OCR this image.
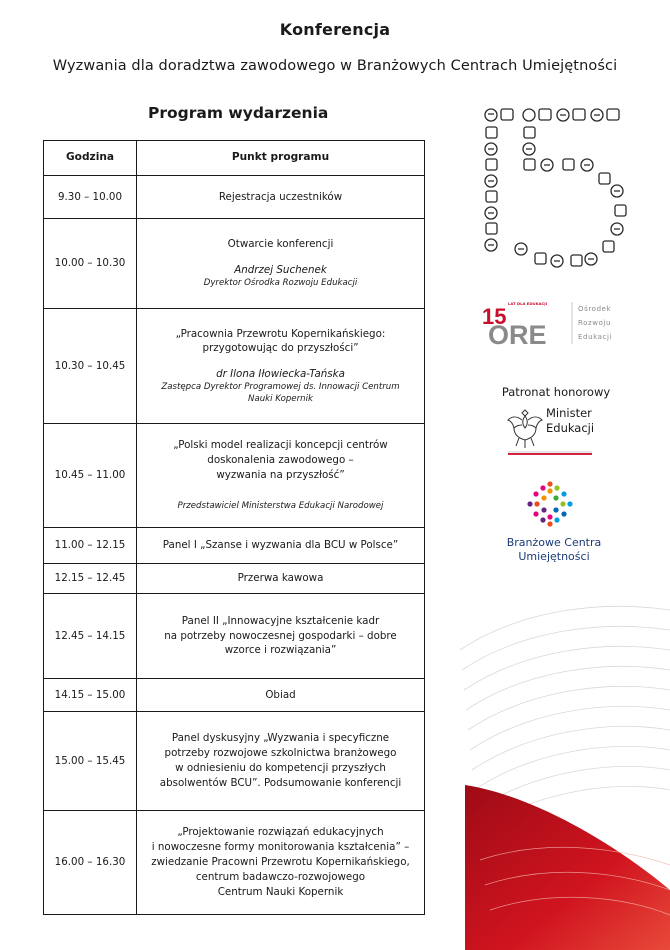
Konferencja
Wyzwania dla doradztwa zawodowego w Branżowych Centrach Umiejętności
Program wydarzenia
Godzina	Punkt programu
9.30 – 10.00	Rejestracja uczestników

10.00 – 10.30	Otwarcie konferencji
Andrzej Suchenek
Dyrektor Ośrodka Rozwoju Edukacji

10.30 – 10.45	„Pracownia Przewrotu Kopernikańskiego:
przygotowując do przyszłości”
dr Ilona Iłowiecka-Tańska
Zastępca Dyrektor Programowej ds. Innowacji Centrum
Nauki Kopernik

10.45 – 11.00	„Polski model realizacji koncepcji centrów
doskonalenia zawodowego –
wyzwania na przyszłość”
Przedstawiciel Ministerstwa Edukacji Narodowej

11.00 – 12.15	Panel I „Szanse i wyzwania dla BCU w Polsce”

12.15 – 12.45	Przerwa kawowa

12.45 – 14.15	Panel II „Innowacyjne kształcenie kadr
na potrzeby nowoczesnej gospodarki – dobre
wzorce i rozwiązania”

14.15 – 15.00	Obiad

15.00 – 15.45	Panel dyskusyjny „Wyzwania i specyficzne
potrzeby rozwojowe szkolnictwa branżowego
w odniesieniu do kompetencji przyszłych
absolwentów BCU”. Podsumowanie konferencji

16.00 – 16.30	„Projektowanie rozwiązań edukacyjnych
i nowoczesne formy monitorowania kształcenia” –
zwiedzanie Pracowni Przewrotu Kopernikańskiego,
centrum badawczo-rozwojowego
Centrum Nauki Kopernik
15
ORE
LAT DLA EDUKACJI
Ośrodek
Rozwoju
Edukacji
Patronat honorowy
Minister
Edukacji
Branżowe Centra
Umiejętności
